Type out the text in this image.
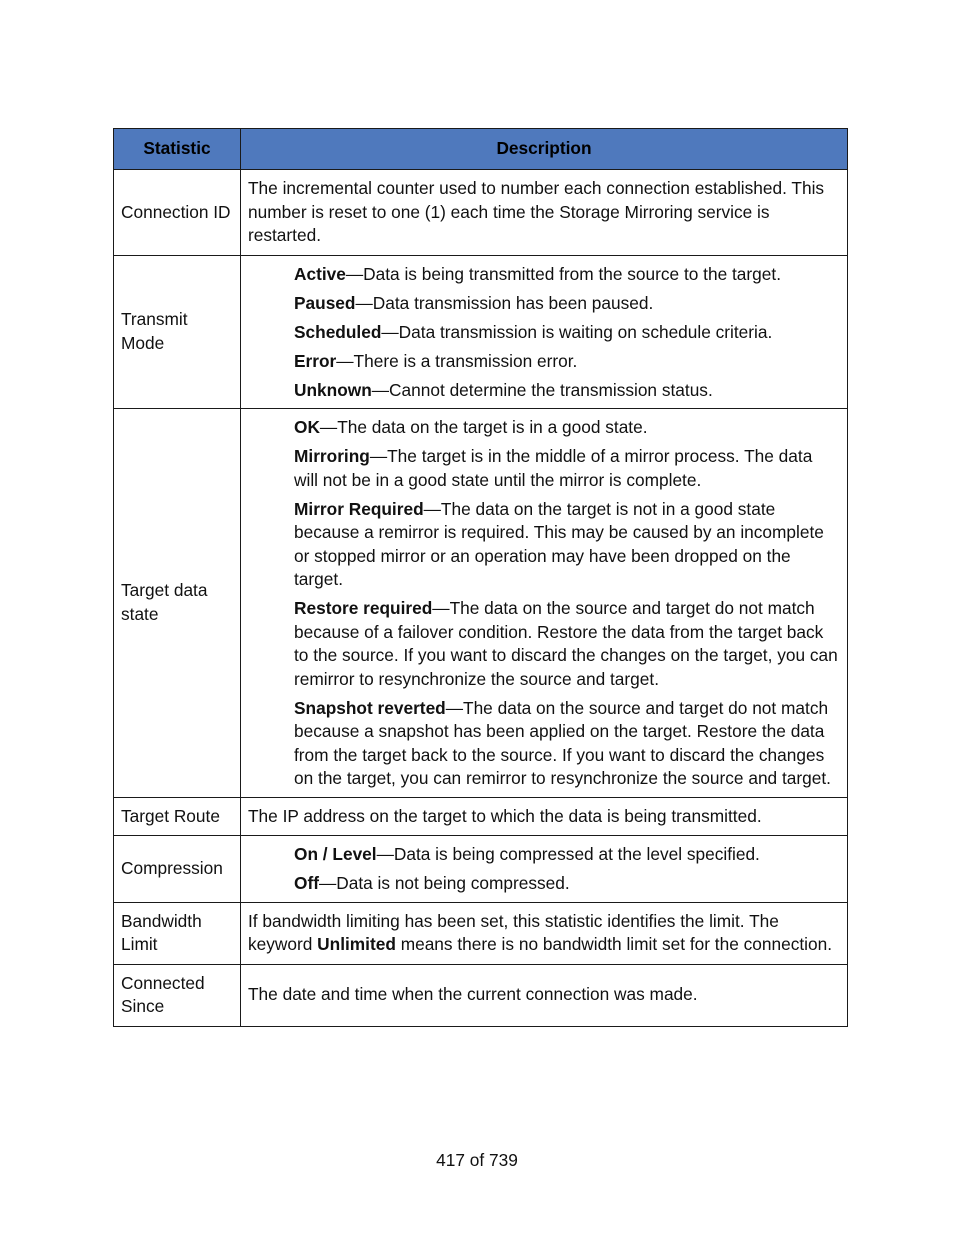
Statistic	Description
Connection ID	The incremental counter used to number each connection established. This number is reset to one (1) each time the Storage Mirroring service is restarted.
Transmit Mode	Active—Data is being transmitted from the source to the target.
Paused—Data transmission has been paused.
Scheduled—Data transmission is waiting on schedule criteria.
Error—There is a transmission error.
Unknown—Cannot determine the transmission status.

Target data state	OK—The data on the target is in a good state.
Mirroring—The target is in the middle of a mirror process. The data will not be in a good state until the mirror is complete.
Mirror Required—The data on the target is not in a good state because a remirror is required. This may be caused by an incomplete or stopped mirror or an operation may have been dropped on the target.
Restore required—The data on the source and target do not match because of a failover condition. Restore the data from the target back to the source. If you want to discard the changes on the target, you can remirror to resynchronize the source and target.
Snapshot reverted—The data on the source and target do not match because a snapshot has been applied on the target. Restore the data from the target back to the source. If you want to discard the changes on the target, you can remirror to resynchronize the source and target.

Target Route	The IP address on the target to which the data is being transmitted.
Compression	On / Level—Data is being compressed at the level specified.
Off—Data is not being compressed.

Bandwidth Limit	If bandwidth limiting has been set, this statistic identifies the limit. The keyword Unlimited means there is no bandwidth limit set for the connection.
Connected Since	The date and time when the current connection was made.
417 of 739
